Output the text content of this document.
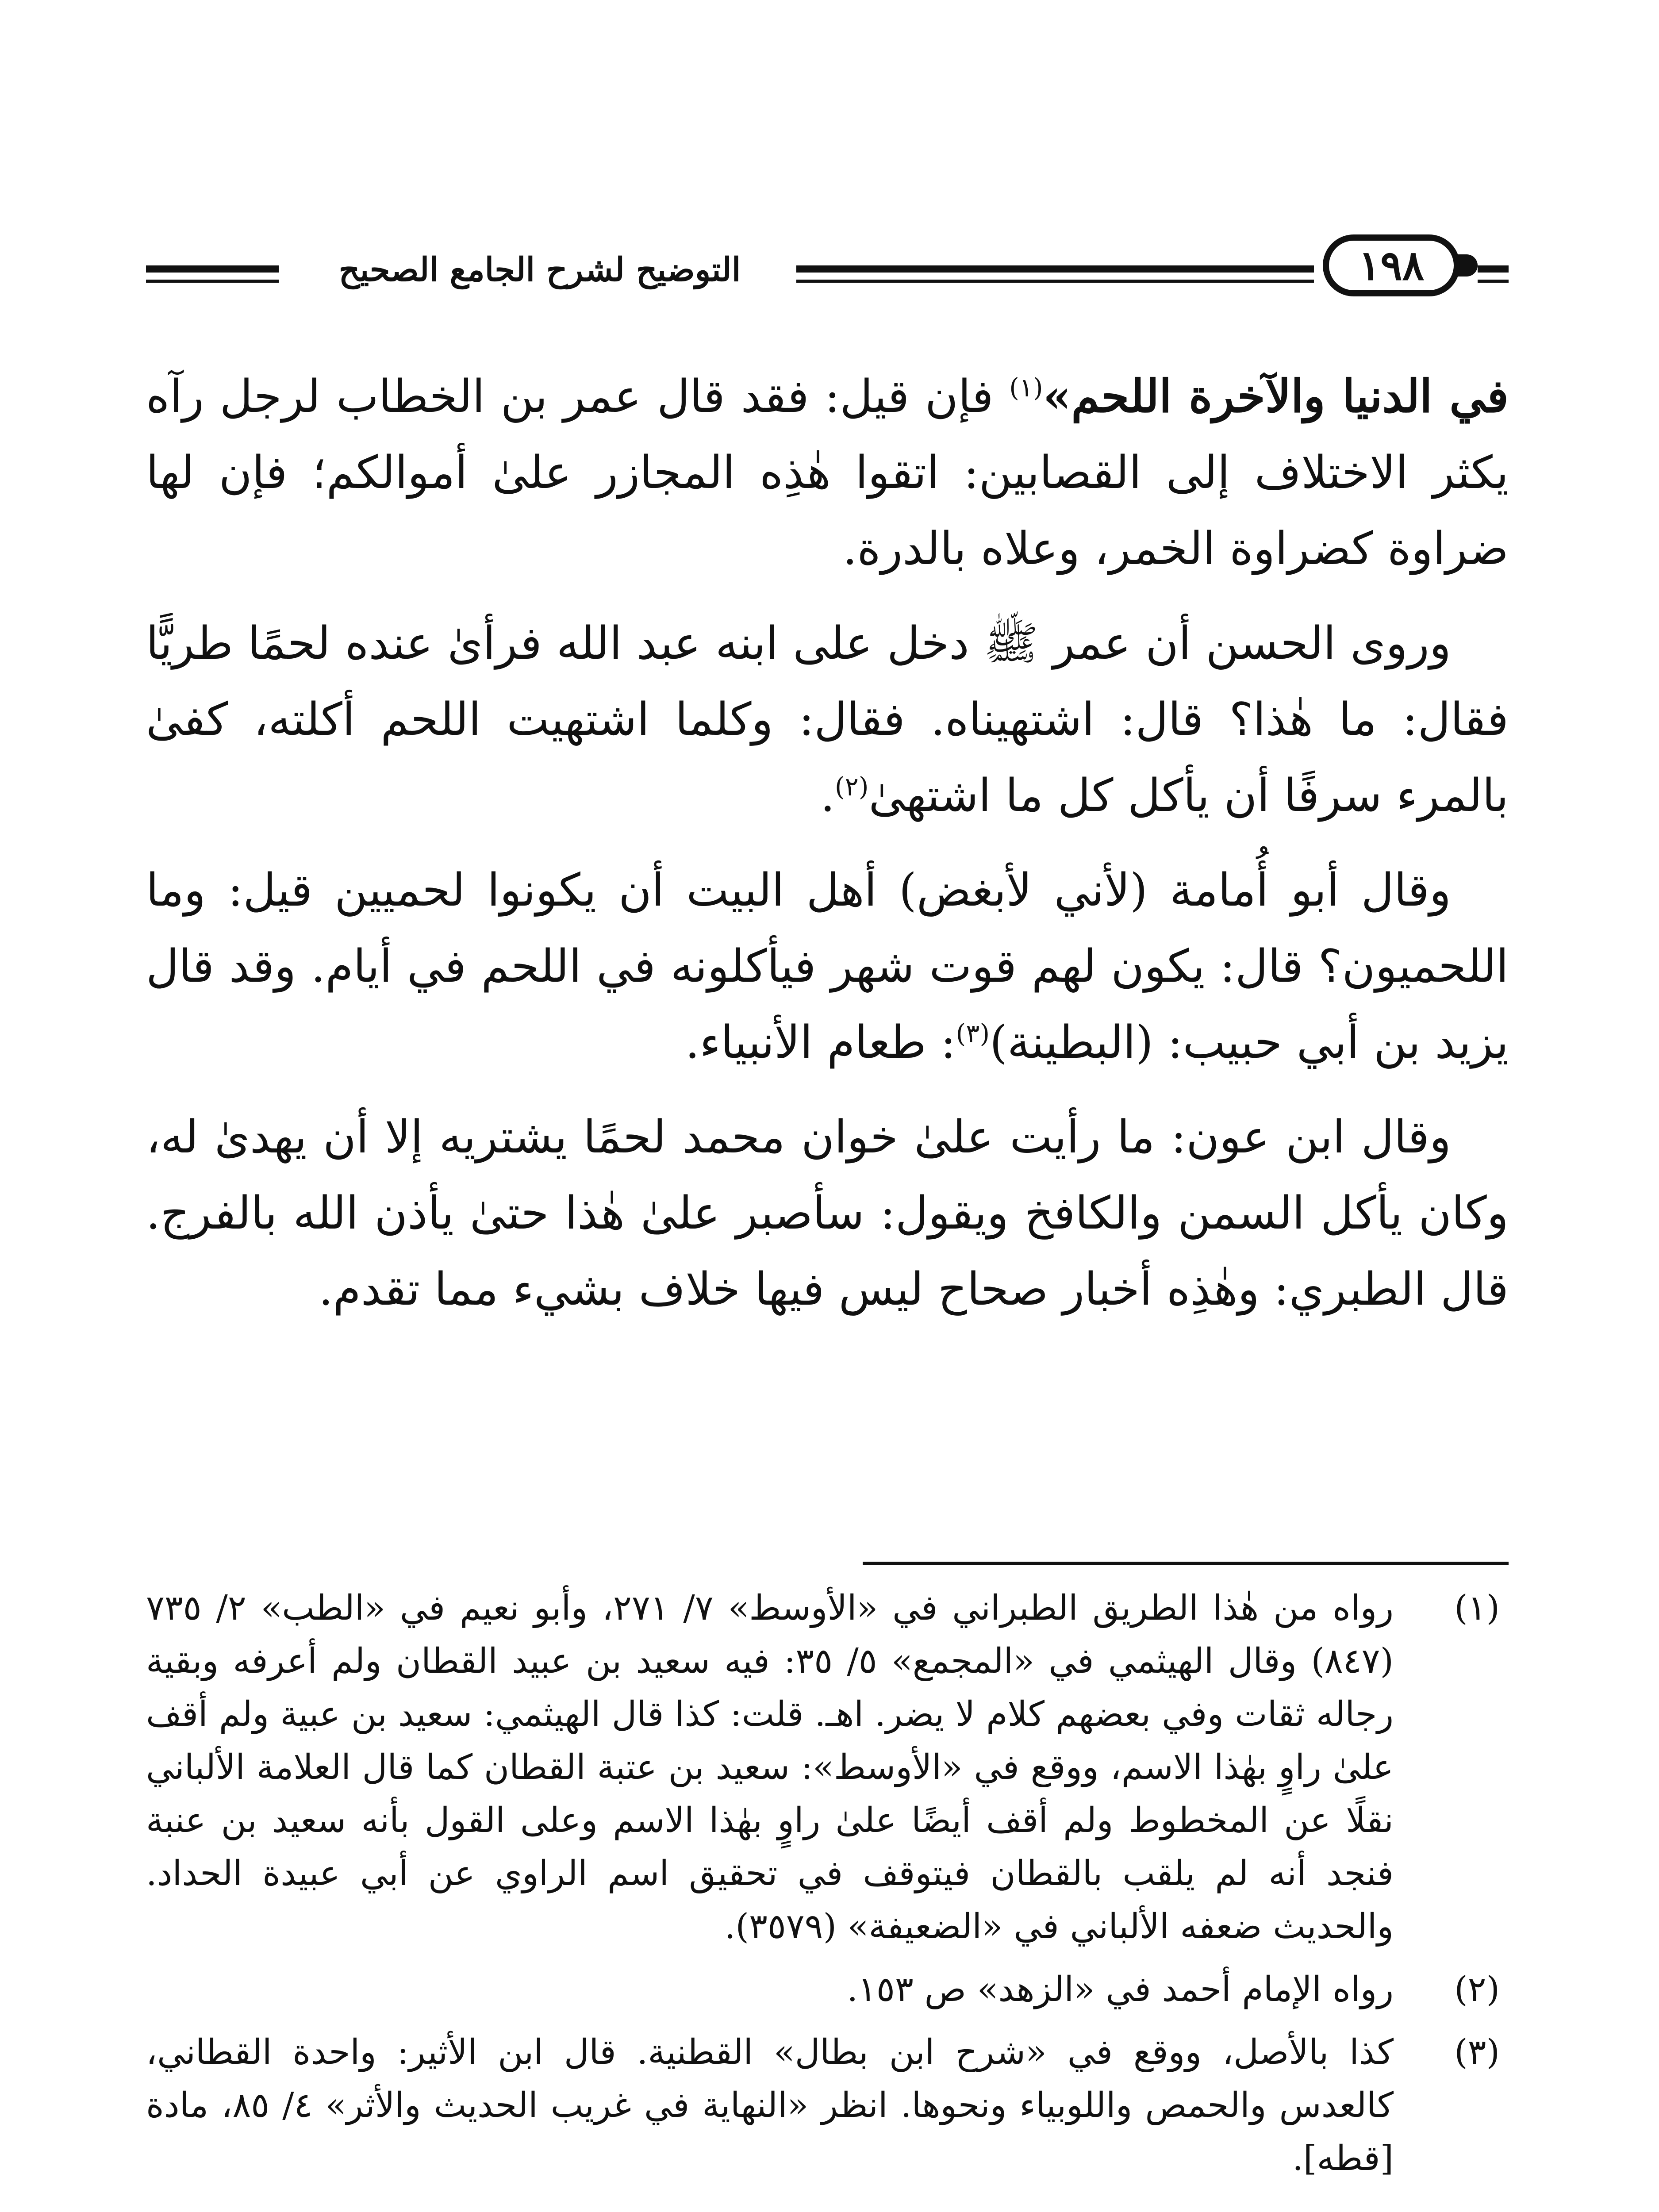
التوضيح لشرح الجامع الصحيح	١٩٨

في الدنيا والآخرة اللحم»$^{(١)}$ فإن قيل: فقد قال عمر بن الخطاب لرجل رآه يكثر الاختلاف إلى القصابين: اتقوا هٰذِه المجازر علىٰ أموالكم؛ فإن لها ضراوة كضراوة الخمر، وعلاه بالدرة.

وروى الحسن أن عمر ﷺ دخل على ابنه عبد الله فرأىٰ عنده لحمًا طريًّا فقال: ما هٰذا؟ قال: اشتهيناه. فقال: وكلما اشتهيت اللحم أكلته، كفىٰ بالمرء سرفًا أن يأكل كل ما اشتهىٰ$^{(٢)}$.

وقال أبو أُمامة (لأني لأبغض) أهل البيت أن يكونوا لحميين قيل: وما اللحميون؟ قال: يكون لهم قوت شهر فيأكلونه في اللحم في أيام. وقد قال يزيد بن أبي حبيب: (البطينة)$^{(٣)}$: طعام الأنبياء.

وقال ابن عون: ما رأيت علىٰ خوان محمد لحمًا يشتريه إلا أن يهدىٰ له، وكان يأكل السمن والكافخ ويقول: سأصبر علىٰ هٰذا حتىٰ يأذن الله بالفرج. قال الطبري: وهٰذِه أخبار صحاح ليس فيها خلاف بشيء مما تقدم.

(١)
رواه من هٰذا الطريق الطبراني في «الأوسط» ٧/ ٢٧١، وأبو نعيم في «الطب» ٢/ ٧٣٥ (٨٤٧) وقال الهيثمي في «المجمع» ٥/ ٣٥: فيه سعيد بن عبيد القطان ولم أعرفه وبقية رجاله ثقات وفي بعضهم كلام لا يضر. اهـ. قلت: كذا قال الهيثمي: سعيد بن عبية ولم أقف علىٰ راوٍ بهٰذا الاسم، ووقع في «الأوسط»: سعيد بن عتبة القطان كما قال العلامة الألباني نقلًا عن المخطوط ولم أقف أيضًا علىٰ راوٍ بهٰذا الاسم وعلى القول بأنه سعيد بن عنبة فنجد أنه لم يلقب بالقطان فيتوقف في تحقيق اسم الراوي عن أبي عبيدة الحداد. والحديث ضعفه الألباني في «الضعيفة» (٣٥٧٩).
(٢)
رواه الإمام أحمد في «الزهد» ص ١٥٣.
(٣)
كذا بالأصل، ووقع في «شرح ابن بطال» القطنية. قال ابن الأثير: واحدة القطاني، كالعدس والحمص واللوبياء ونحوها. انظر «النهاية في غريب الحديث والأثر» ٤/ ٨٥، مادة [قطه].
